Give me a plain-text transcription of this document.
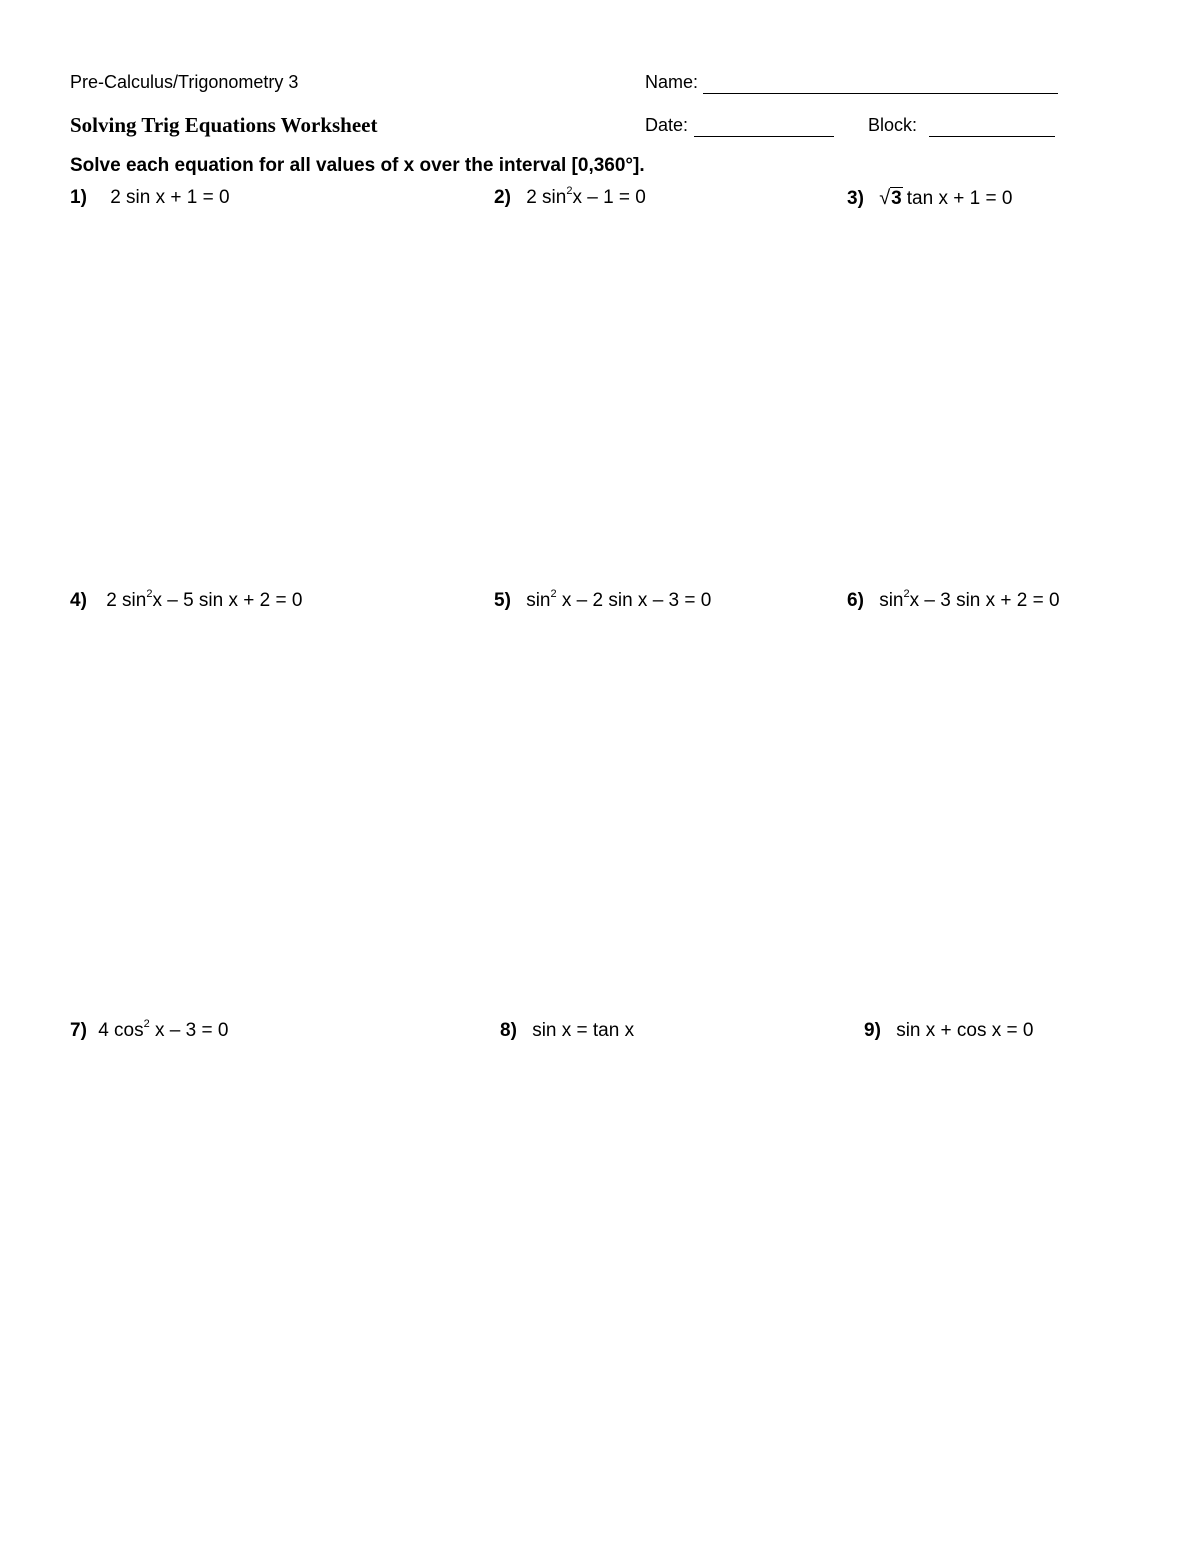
Pre-Calculus/Trigonometry 3
Solving Trig Equations Worksheet
Name:
Date:	Block:
Solve each equation for all values of x over the interval [0,360°].
1) 2 sin x + 1 = 0	2) 2 $\sin^2x - 1 = 0$	3) √3 tan x + 1 = 0
4) 2 $\sin^2x - 5$ sin x + 2 = 0	5) $\sin^2 x - 2$ sin x – 3 = 0	6) $\sin^2x - 3$ sin x + 2 = 0
7) 4 $\cos^2 x - 3 = 0$	8) sin x = tan x	9) sin x + cos x = 0
